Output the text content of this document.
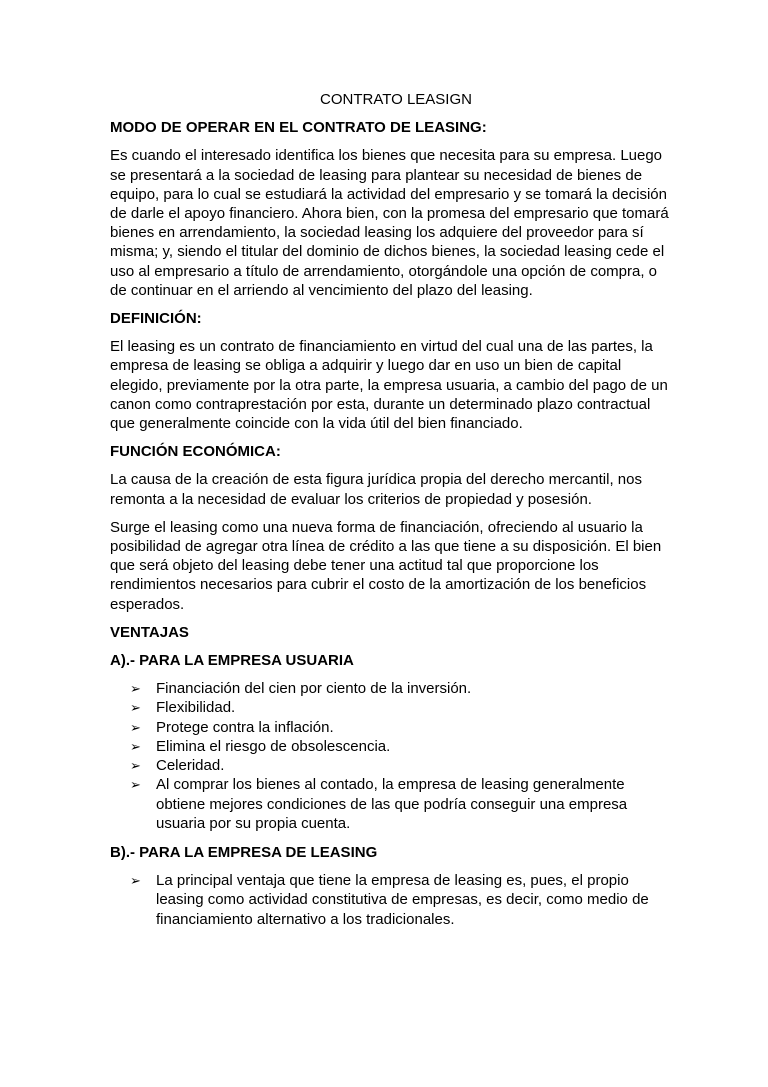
CONTRATO LEASIGN
MODO DE OPERAR EN EL CONTRATO DE LEASING:

Es cuando el interesado identifica los bienes que necesita para su empresa. Luego se presentará a la sociedad de leasing para plantear su necesidad de bienes de equipo, para lo cual se estudiará la actividad del empresario y se tomará la decisión de darle el apoyo financiero. Ahora bien, con la promesa del empresario que tomará bienes en arrendamiento, la sociedad leasing los adquiere del proveedor para sí misma; y, siendo el titular del dominio de dichos bienes, la sociedad leasing cede el uso al empresario a título de arrendamiento, otorgándole una opción de compra, o de continuar en el arriendo al vencimiento del plazo del leasing.

DEFINICIÓN:

El leasing es un contrato de financiamiento en virtud del cual una de las partes, la empresa de leasing se obliga a adquirir y luego dar en uso un bien de capital elegido, previamente por la otra parte, la empresa usuaria, a cambio del pago de un canon como contraprestación por esta, durante un determinado plazo contractual que generalmente coincide con la vida útil del bien financiado.

FUNCIÓN ECONÓMICA:

La causa de la creación de esta figura jurídica propia del derecho mercantil, nos remonta a la necesidad de evaluar los criterios de propiedad y posesión.

Surge el leasing como una nueva forma de financiación, ofreciendo al usuario la posibilidad de agregar otra línea de crédito a las que tiene a su disposición. El bien que será objeto del leasing debe tener una actitud tal que proporcione los rendimientos necesarios para cubrir el costo de la amortización de los beneficios esperados.

VENTAJAS
A).- PARA LA EMPRESA USUARIA
➢	Financiación del cien por ciento de la inversión.
➢	Flexibilidad.
➢	Protege contra la inflación.
➢	Elimina el riesgo de obsolescencia.
➢	Celeridad.
➢	Al comprar los bienes al contado, la empresa de leasing generalmente obtiene mejores condiciones de las que podría conseguir una empresa usuaria por su propia cuenta.
B).- PARA LA EMPRESA DE LEASING
➢	La principal ventaja que tiene la empresa de leasing es, pues, el propio leasing como actividad constitutiva de empresas, es decir, como medio de financiamiento alternativo a los tradicionales.
